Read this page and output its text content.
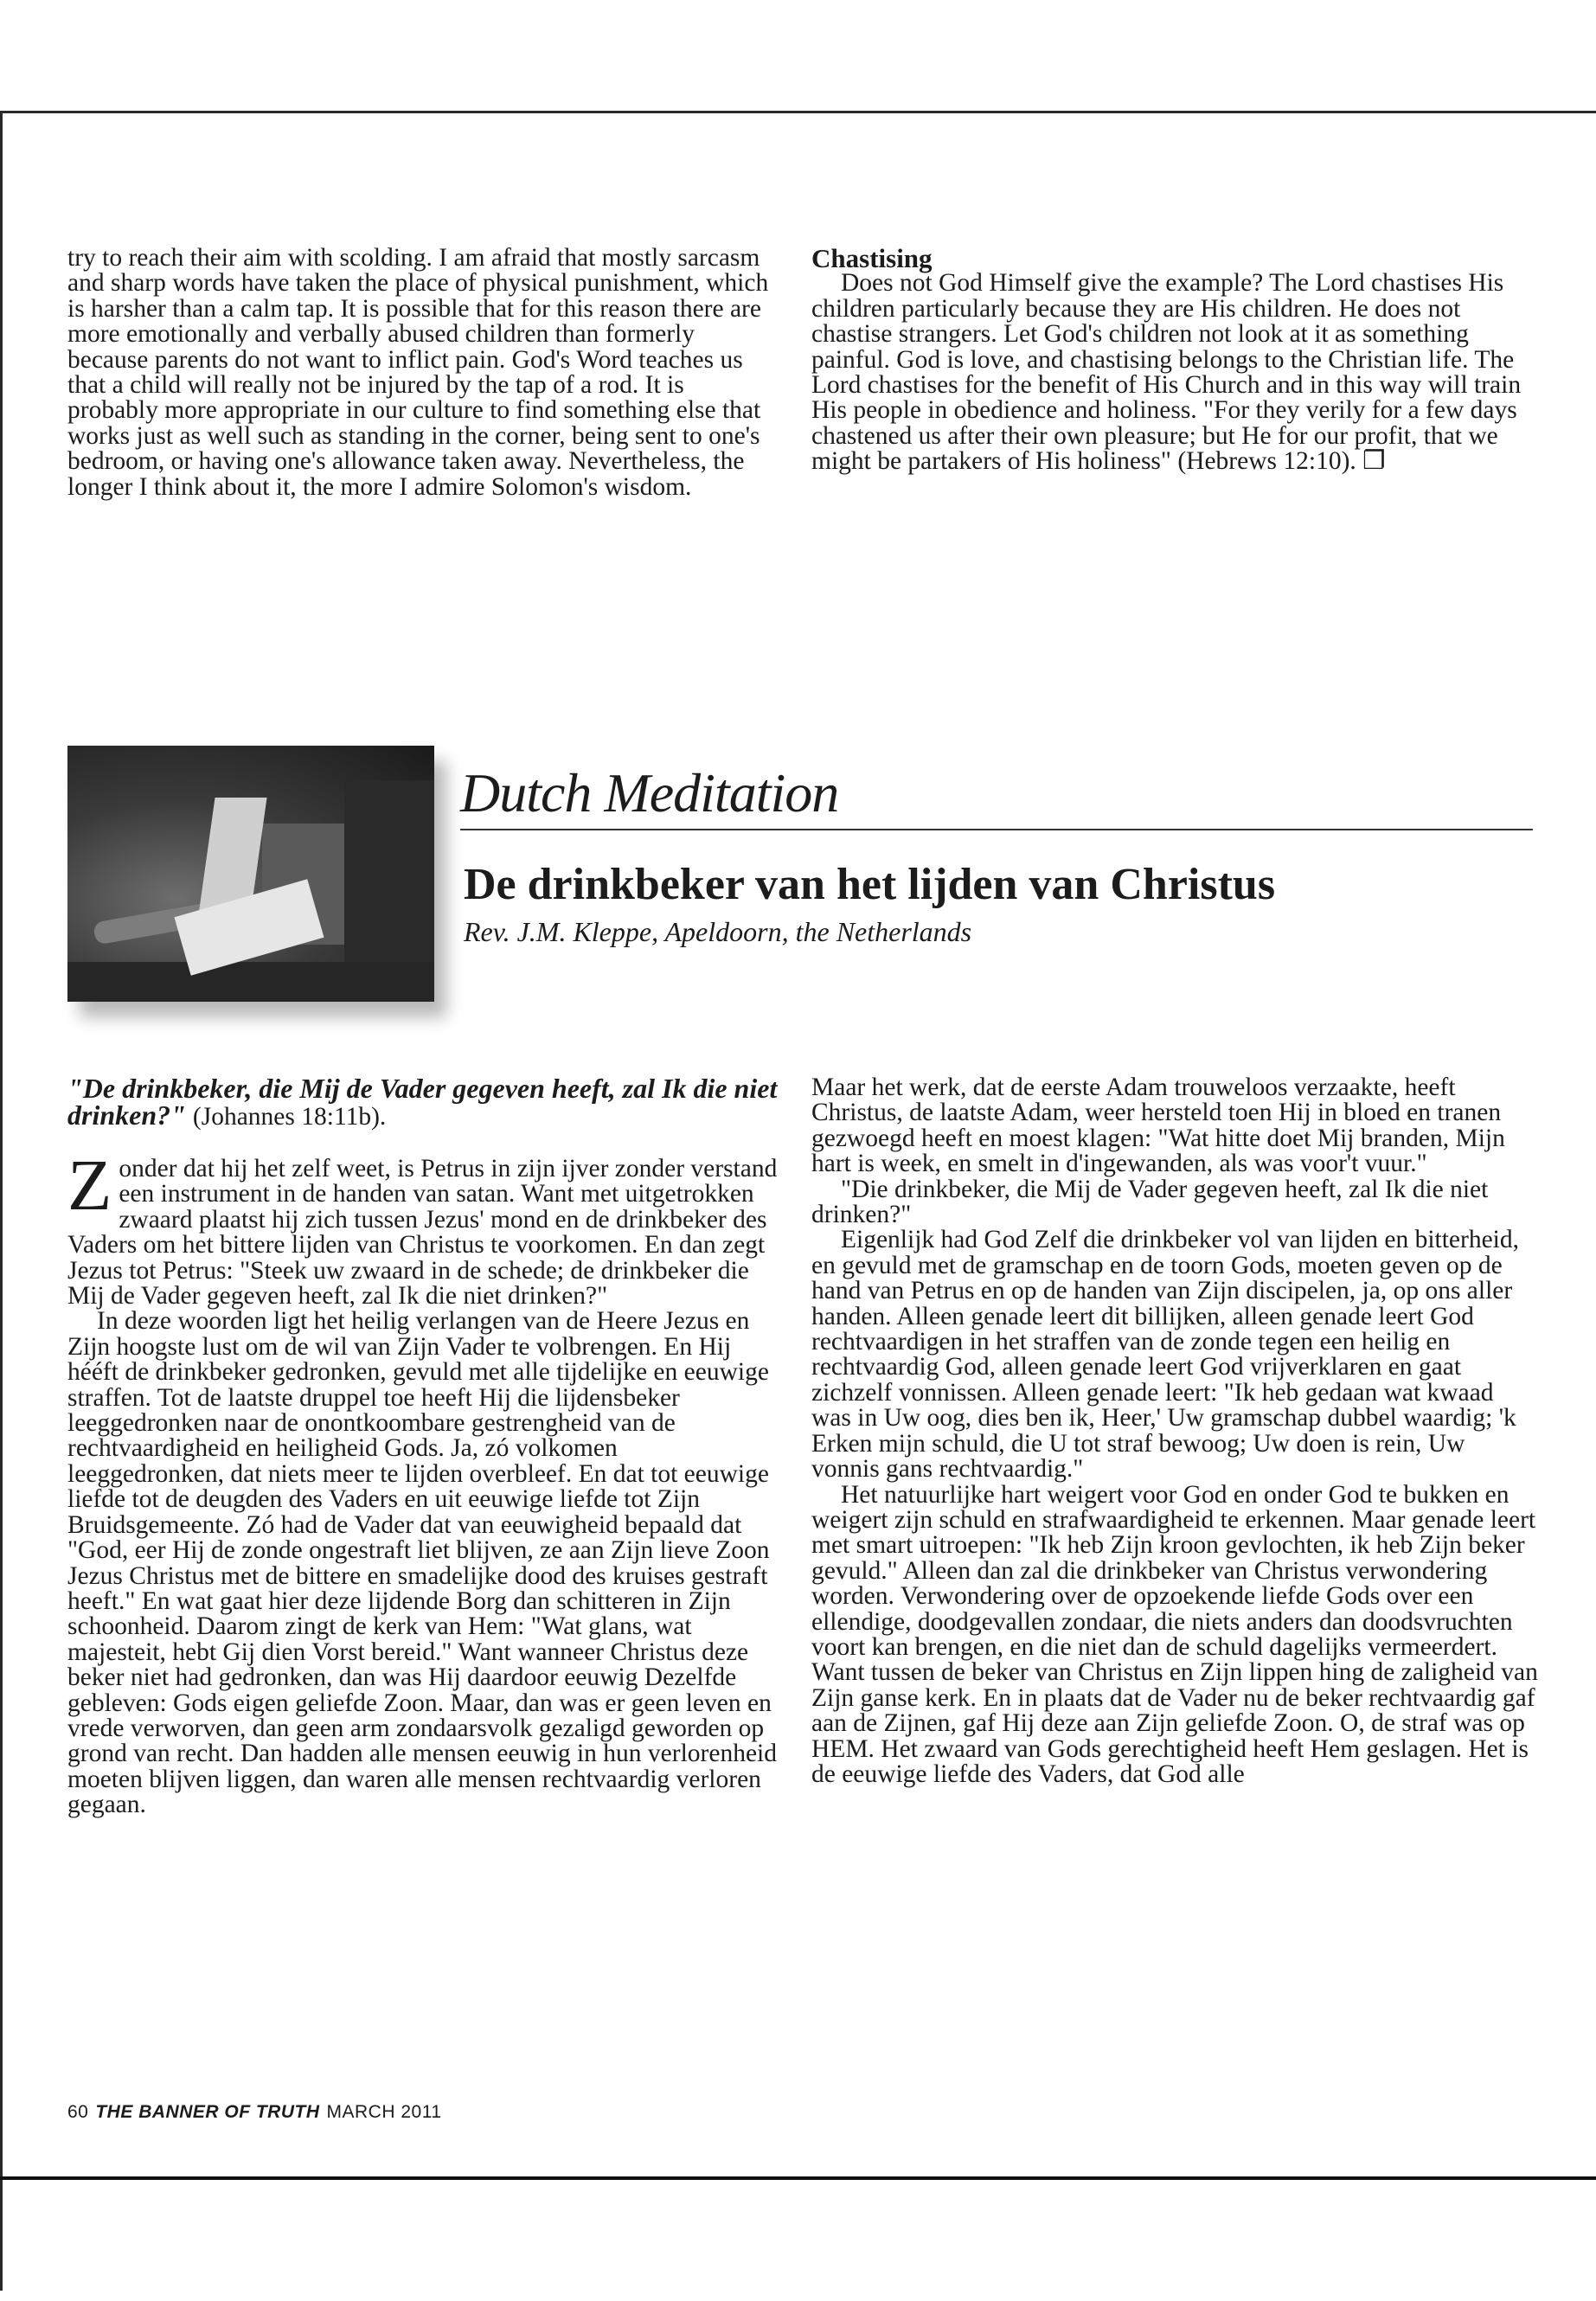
try to reach their aim with scolding. I am afraid that mostly sarcasm and sharp words have taken the place of physical punishment, which is harsher than a calm tap. It is possible that for this reason there are more emotionally and verbally abused children than formerly because parents do not want to inflict pain. God's Word teaches us that a child will really not be injured by the tap of a rod. It is probably more appropriate in our culture to find something else that works just as well such as standing in the corner, being sent to one's bedroom, or having one's allowance taken away. Nevertheless, the longer I think about it, the more I admire Solomon's wisdom.

Chastising

Does not God Himself give the example? The Lord chastises His children particularly because they are His children. He does not chastise strangers. Let God's children not look at it as something painful. God is love, and chastising belongs to the Christian life. The Lord chastises for the benefit of His Church and in this way will train His people in obedience and holiness. "For they verily for a few days chastened us after their own pleasure; but He for our profit, that we might be partakers of His holiness" (Hebrews 12:10). ❐

Dutch Meditation
De drinkbeker van het lijden van Christus
Rev. J.M. Kleppe, Apeldoorn, the Netherlands

"De drinkbeker, die Mij de Vader gegeven heeft, zal Ik die niet drinken?" (Johannes 18:11b).

Zonder dat hij het zelf weet, is Petrus in zijn ijver zonder verstand een instrument in de handen van satan. Want met uitgetrokken zwaard plaatst hij zich tussen Jezus' mond en de drinkbeker des Vaders om het bittere lijden van Christus te voorkomen. En dan zegt Jezus tot Petrus: "Steek uw zwaard in de schede; de drinkbeker die Mij de Vader gegeven heeft, zal Ik die niet drinken?"

In deze woorden ligt het heilig verlangen van de Heere Jezus en Zijn hoogste lust om de wil van Zijn Vader te volbrengen. En Hij hééft de drinkbeker gedronken, gevuld met alle tijdelijke en eeuwige straffen. Tot de laatste druppel toe heeft Hij die lijdensbeker leeggedronken naar de onontkoombare gestrengheid van de rechtvaardigheid en heiligheid Gods. Ja, zó volkomen leeggedronken, dat niets meer te lijden overbleef. En dat tot eeuwige liefde tot de deugden des Vaders en uit eeuwige liefde tot Zijn Bruidsgemeente. Zó had de Vader dat van eeuwigheid bepaald dat "God, eer Hij de zonde ongestraft liet blijven, ze aan Zijn lieve Zoon Jezus Christus met de bittere en smadelijke dood des kruises gestraft heeft." En wat gaat hier deze lijdende Borg dan schitteren in Zijn schoonheid. Daarom zingt de kerk van Hem: "Wat glans, wat majesteit, hebt Gij dien Vorst bereid." Want wanneer Christus deze beker niet had gedronken, dan was Hij daardoor eeuwig Dezelfde gebleven: Gods eigen geliefde Zoon. Maar, dan was er geen leven en vrede verworven, dan geen arm zondaarsvolk gezaligd geworden op grond van recht. Dan hadden alle mensen eeuwig in hun verlorenheid moeten blijven liggen, dan waren alle mensen rechtvaardig verloren gegaan.

Maar het werk, dat de eerste Adam trouweloos verzaakte, heeft Christus, de laatste Adam, weer hersteld toen Hij in bloed en tranen gezwoegd heeft en moest klagen: "Wat hitte doet Mij branden, Mijn hart is week, en smelt in d'ingewanden, als was voor't vuur."

"Die drinkbeker, die Mij de Vader gegeven heeft, zal Ik die niet drinken?"

Eigenlijk had God Zelf die drinkbeker vol van lijden en bitterheid, en gevuld met de gramschap en de toorn Gods, moeten geven op de hand van Petrus en op de handen van Zijn discipelen, ja, op ons aller handen. Alleen genade leert dit billijken, alleen genade leert God rechtvaardigen in het straffen van de zonde tegen een heilig en rechtvaardig God, alleen genade leert God vrijverklaren en gaat zichzelf vonnissen. Alleen genade leert: "Ik heb gedaan wat kwaad was in Uw oog, dies ben ik, Heer,' Uw gramschap dubbel waardig; 'k Erken mijn schuld, die U tot straf bewoog; Uw doen is rein, Uw vonnis gans rechtvaardig."

Het natuurlijke hart weigert voor God en onder God te bukken en weigert zijn schuld en strafwaardigheid te erkennen. Maar genade leert met smart uitroepen: "Ik heb Zijn kroon gevlochten, ik heb Zijn beker gevuld." Alleen dan zal die drinkbeker van Christus verwondering worden. Verwondering over de opzoekende liefde Gods over een ellendige, doodgevallen zondaar, die niets anders dan doodsvruchten voort kan brengen, en die niet dan de schuld dagelijks vermeerdert. Want tussen de beker van Christus en Zijn lippen hing de zaligheid van Zijn ganse kerk. En in plaats dat de Vader nu de beker rechtvaardig gaf aan de Zijnen, gaf Hij deze aan Zijn geliefde Zoon. O, de straf was op HEM. Het zwaard van Gods gerechtigheid heeft Hem geslagen. Het is de eeuwige liefde des Vaders, dat God alle

60 THE BANNER OF TRUTH MARCH 2011
